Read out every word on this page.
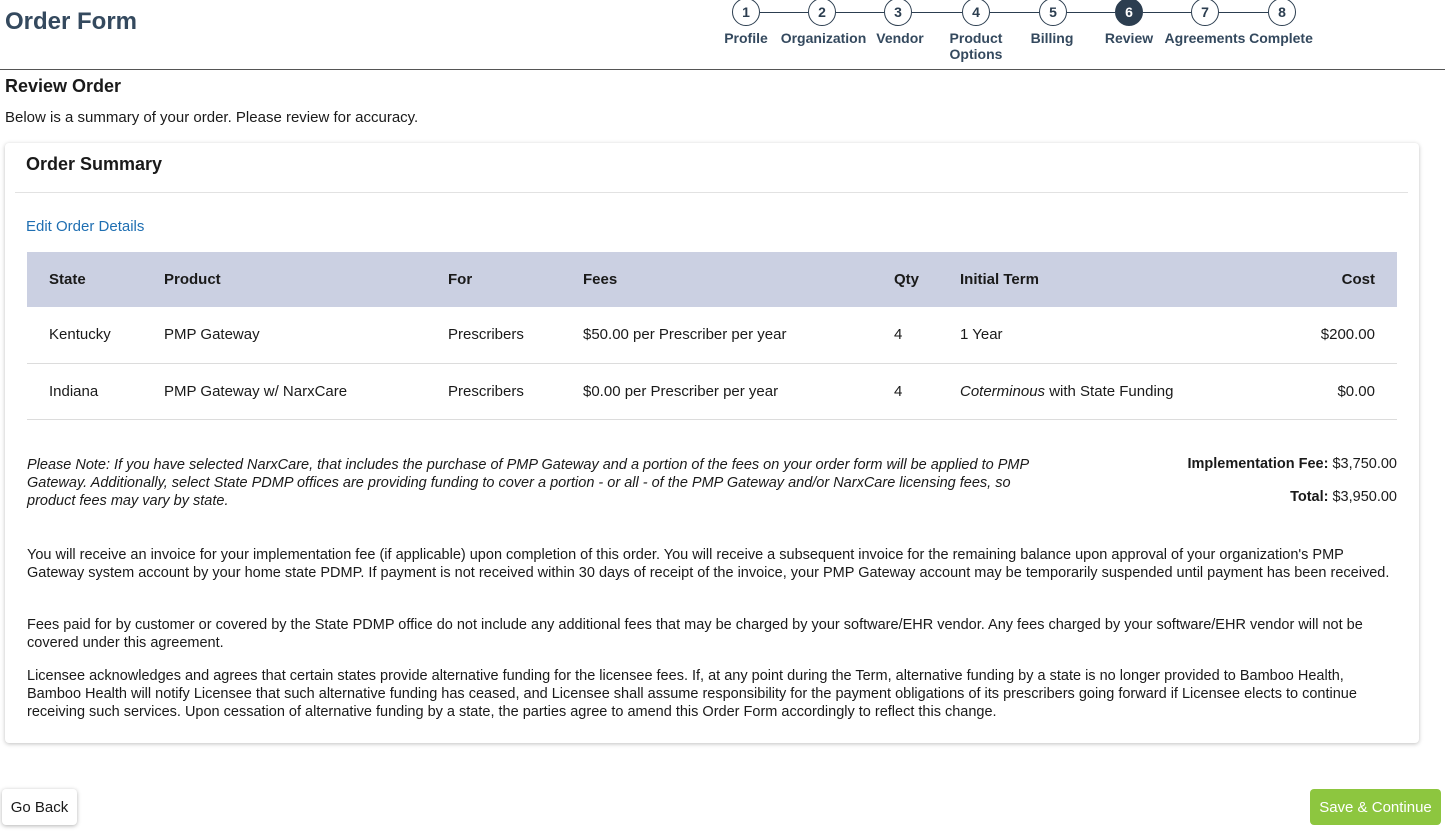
Order Form	1
Profile
2
Organization
3
Vendor
4
Product Options
5
Billing
6
Review
7
Agreements
8
Complete
Review Order
Below is a summary of your order. Please review for accuracy.
Order Summary
Edit Order Details
State	Product	For	Fees	Qty	Initial Term	Cost
Kentucky	PMP Gateway	Prescribers	$50.00 per Prescriber per year	4	1 Year	$200.00
Indiana	PMP Gateway w/ NarxCare	Prescribers	$0.00 per Prescriber per year	4	Coterminous with State Funding	$0.00
Please Note: If you have selected NarxCare, that includes the purchase of PMP Gateway and a portion of the fees on your order form will be applied to PMP Gateway. Additionally, select State PDMP offices are providing funding to cover a portion - or all - of the PMP Gateway and/or NarxCare licensing fees, so product fees may vary by state.
Implementation Fee: $3,750.00
Total: $3,950.00
You will receive an invoice for your implementation fee (if applicable) upon completion of this order. You will receive a subsequent invoice for the remaining balance upon approval of your organization's PMP Gateway system account by your home state PDMP. If payment is not received within 30 days of receipt of the invoice, your PMP Gateway account may be temporarily suspended until payment has been received.
Fees paid for by customer or covered by the State PDMP office do not include any additional fees that may be charged by your software/EHR vendor. Any fees charged by your software/EHR vendor will not be covered under this agreement.
Licensee acknowledges and agrees that certain states provide alternative funding for the licensee fees. If, at any point during the Term, alternative funding by a state is no longer provided to Bamboo Health, Bamboo Health will notify Licensee that such alternative funding has ceased, and Licensee shall assume responsibility for the payment obligations of its prescribers going forward if Licensee elects to continue receiving such services. Upon cessation of alternative funding by a state, the parties agree to amend this Order Form accordingly to reflect this change.
Go Back	Save & Continue
